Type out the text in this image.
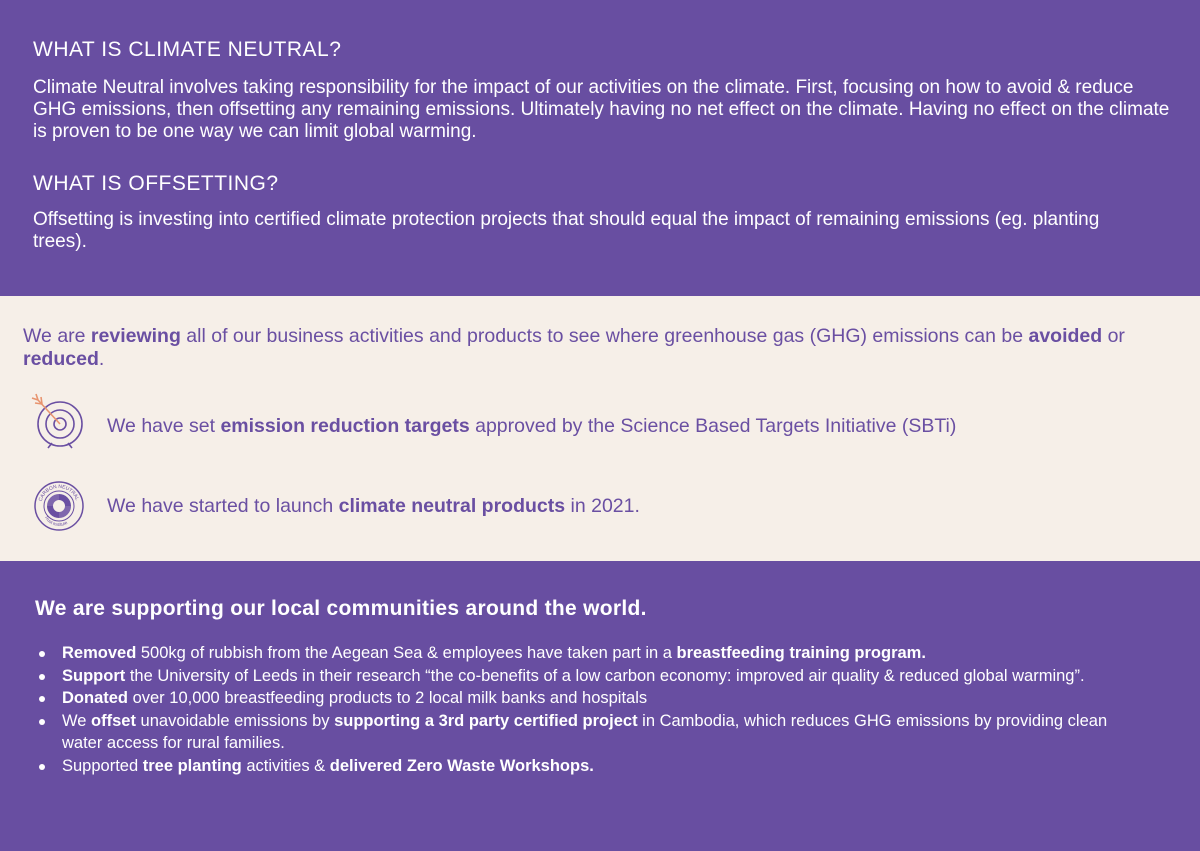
WHAT IS CLIMATE NEUTRAL?

Climate Neutral involves taking responsibility for the impact of our activities on the climate. First, focusing on how to avoid & reduce GHG emissions, then offsetting any remaining emissions. Ultimately having no net effect on the climate. Having no effect on the climate is proven to be one way we can limit global warming.

WHAT IS OFFSETTING?

Offsetting is investing into certified climate protection projects that should equal the impact of remaining emissions (eg. planting trees).

We are reviewing all of our business activities and products to see where greenhouse gas (GHG) emissions can be avoided or reduced.

We have set emission reduction targets approved by the Science Based Targets Initiative (SBTi)

CARBON NEUTRAL
Trust Institute

We have started to launch climate neutral products in 2021.

We are supporting our local communities around the world.
Removed 500kg of rubbish from the Aegean Sea & employees have taken part in a breastfeeding training program.
Support the University of Leeds in their research “the co-benefits of a low carbon economy: improved air quality & reduced global warming”.
Donated over 10,000 breastfeeding products to 2 local milk banks and hospitals
We offset unavoidable emissions by supporting a 3rd party certified project in Cambodia, which reduces GHG emissions by providing clean water access for rural families.
Supported tree planting activities & delivered Zero Waste Workshops.
